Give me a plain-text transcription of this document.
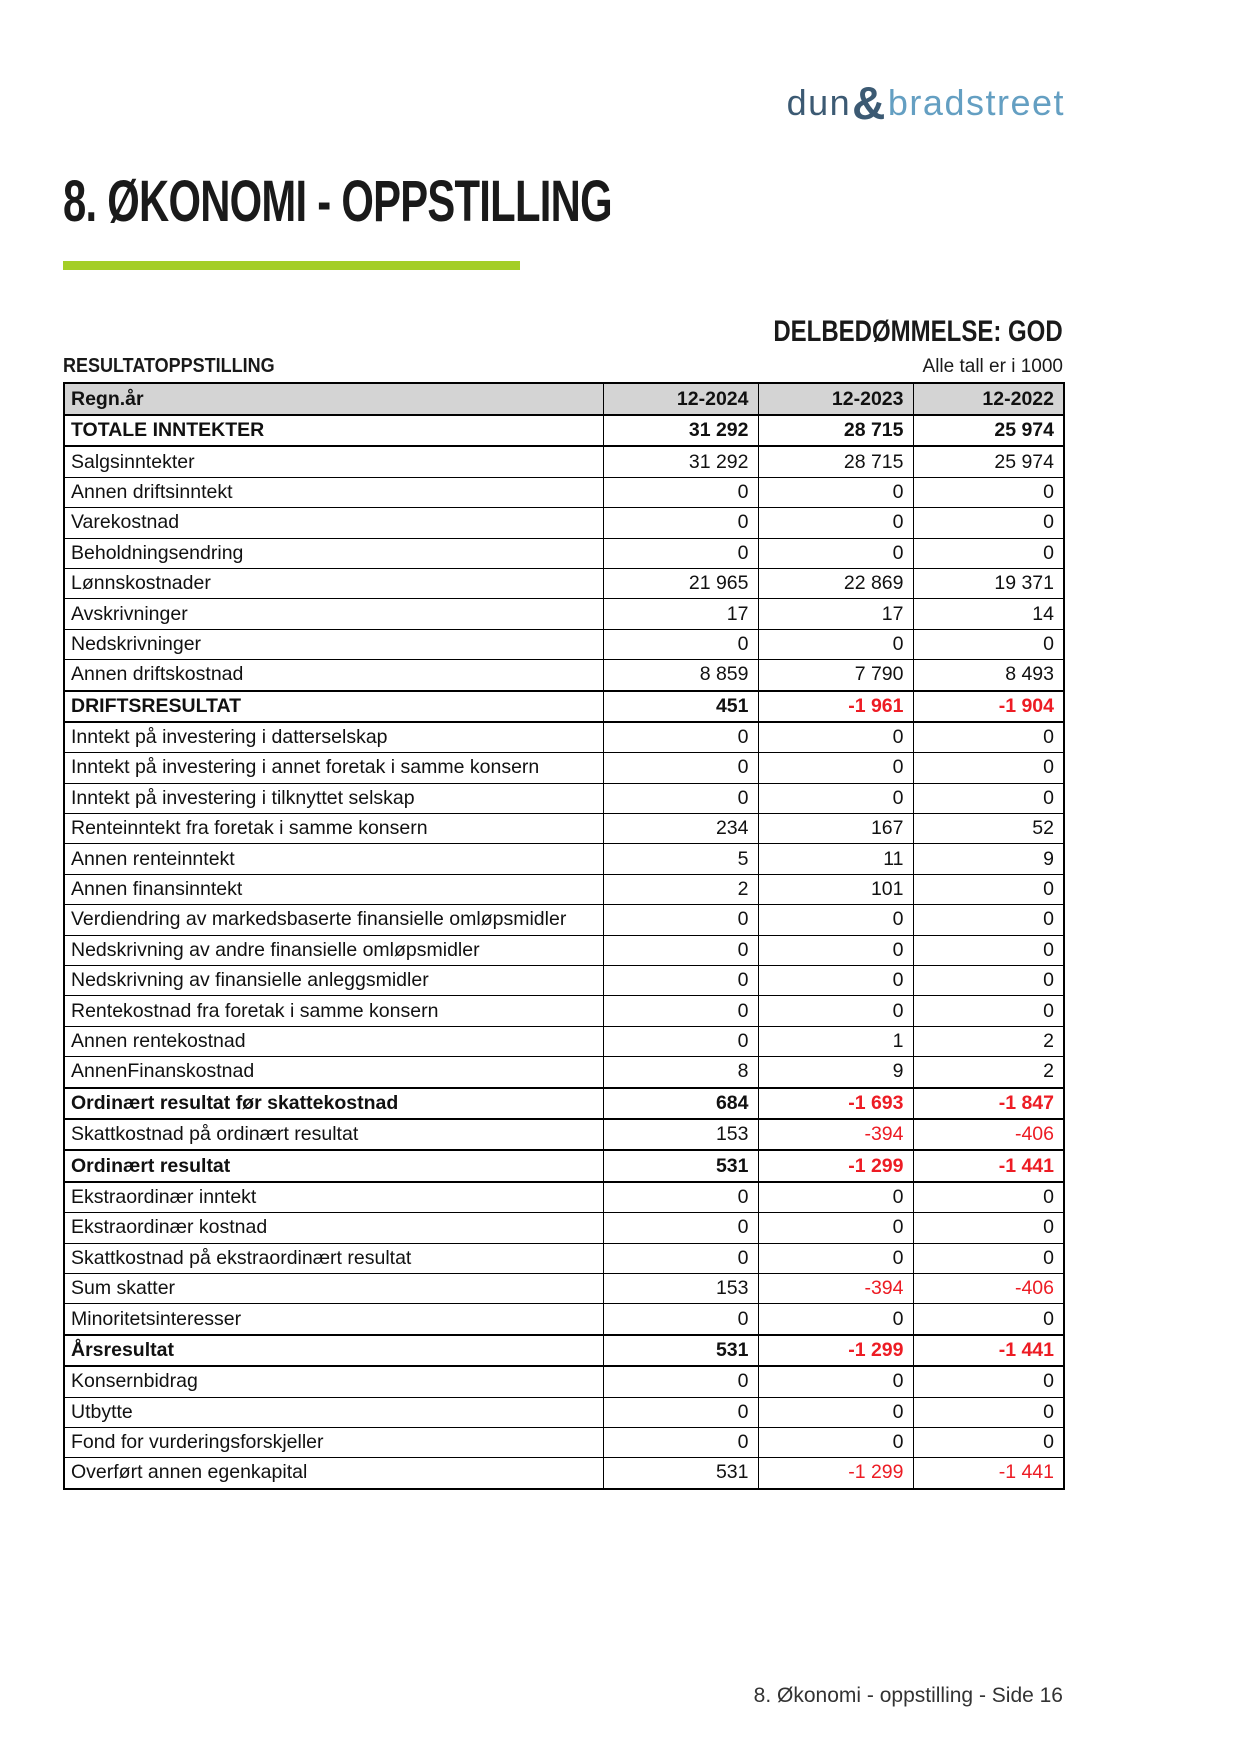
dun&bradstreet
8. ØKONOMI - OPPSTILLING
DELBEDØMMELSE: GOD
RESULTATOPPSTILLING	Alle tall er i 1000
Regn.år	12-2024	12-2023	12-2022
TOTALE INNTEKTER	31 292	28 715	25 974
Salgsinntekter	31 292	28 715	25 974
Annen driftsinntekt	0	0	0
Varekostnad	0	0	0
Beholdningsendring	0	0	0
Lønnskostnader	21 965	22 869	19 371
Avskrivninger	17	17	14
Nedskrivninger	0	0	0
Annen driftskostnad	8 859	7 790	8 493
DRIFTSRESULTAT	451	-1 961	-1 904
Inntekt på investering i datterselskap	0	0	0
Inntekt på investering i annet foretak i samme konsern	0	0	0
Inntekt på investering i tilknyttet selskap	0	0	0
Renteinntekt fra foretak i samme konsern	234	167	52
Annen renteinntekt	5	11	9
Annen finansinntekt	2	101	0
Verdiendring av markedsbaserte finansielle omløpsmidler	0	0	0
Nedskrivning av andre finansielle omløpsmidler	0	0	0
Nedskrivning av finansielle anleggsmidler	0	0	0
Rentekostnad fra foretak i samme konsern	0	0	0
Annen rentekostnad	0	1	2
AnnenFinanskostnad	8	9	2
Ordinært resultat før skattekostnad	684	-1 693	-1 847
Skattkostnad på ordinært resultat	153	-394	-406
Ordinært resultat	531	-1 299	-1 441
Ekstraordinær inntekt	0	0	0
Ekstraordinær kostnad	0	0	0
Skattkostnad på ekstraordinært resultat	0	0	0
Sum skatter	153	-394	-406
Minoritetsinteresser	0	0	0
Årsresultat	531	-1 299	-1 441
Konsernbidrag	0	0	0
Utbytte	0	0	0
Fond for vurderingsforskjeller	0	0	0
Overført annen egenkapital	531	-1 299	-1 441
8. Økonomi - oppstilling - Side 16
